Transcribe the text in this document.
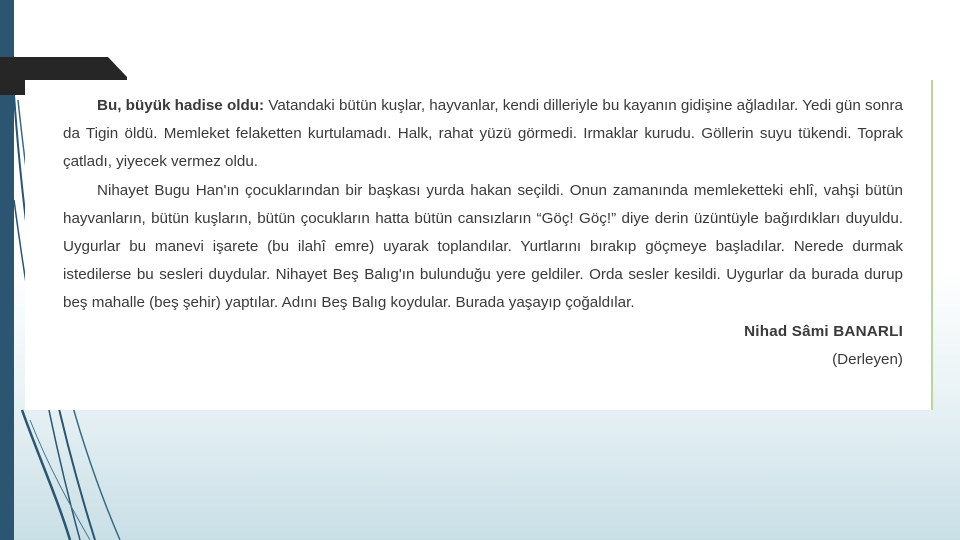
Bu, büyük hadise oldu: Vatandaki bütün kuşlar, hayvanlar, kendi dilleriyle bu kayanın gidişine ağladılar. Yedi gün sonra da Tigin öldü. Memleket felaketten kurtulamadı. Halk, rahat yüzü görmedi. Irmaklar kurudu. Göllerin suyu tükendi. Toprak çatladı, yiyecek vermez oldu.

Nihayet Bugu Han'ın çocuklarından bir başkası yurda hakan seçildi. Onun zamanında memleketteki ehlî, vahşi bütün hayvanların, bütün kuşların, bütün çocukların hatta bütün cansızların “Göç! Göç!” diye derin üzüntüyle bağırdıkları duyuldu. Uygurlar bu manevi işarete (bu ilahî emre) uyarak toplandılar. Yurtlarını bırakıp göçmeye başladılar. Nerede durmak istedilerse bu sesleri duydular. Nihayet Beş Balıg'ın bulunduğu yere geldiler. Orda sesler kesildi. Uygurlar da burada durup beş mahalle (beş şehir) yaptılar. Adını Beş Balıg koydular. Burada yaşayıp çoğaldılar.

Nihad Sâmi BANARLI

(Derleyen)
